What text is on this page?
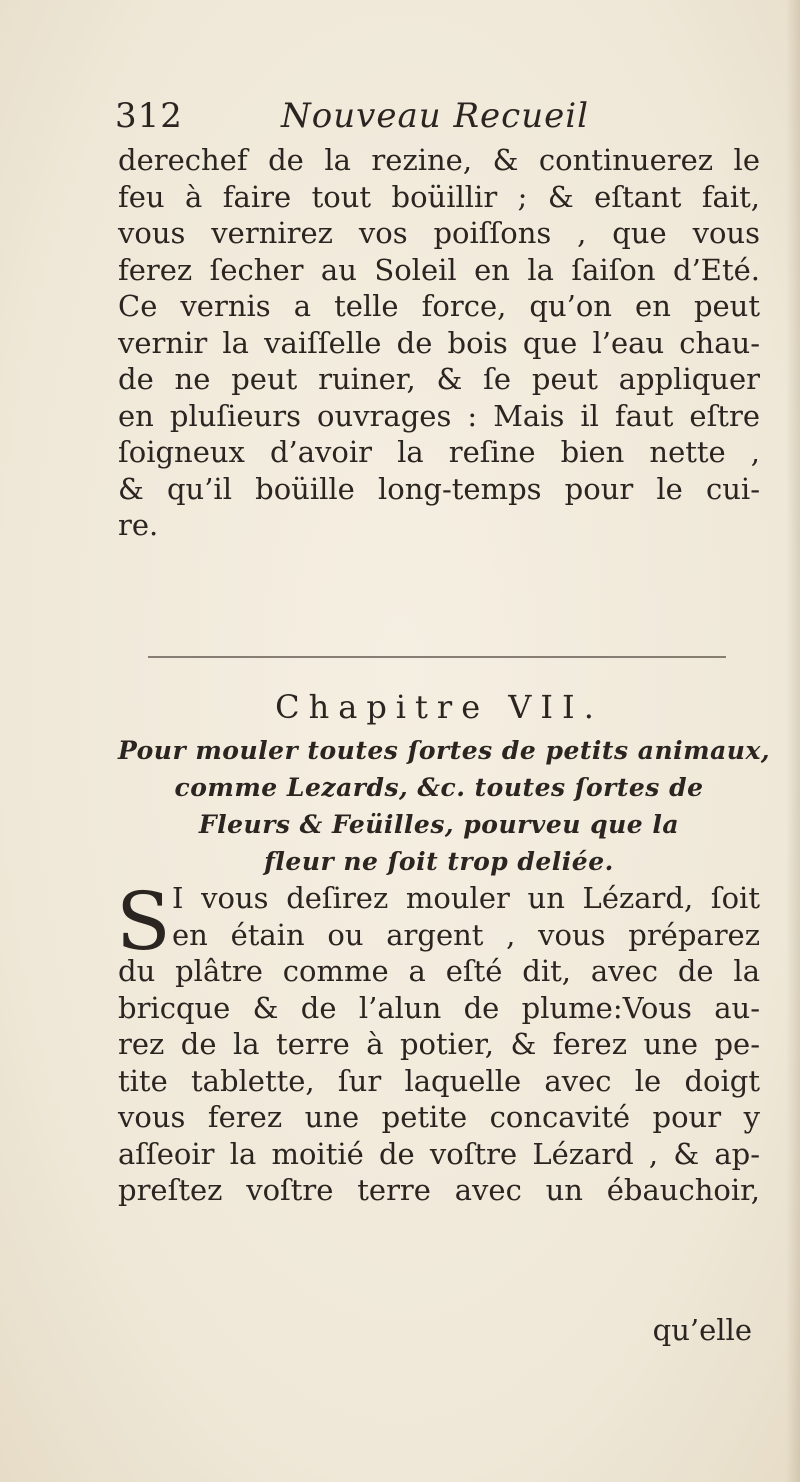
312	Nouveau Recueil
derechef de la rezine, & continuerez le
feu à faire tout boüillir ; & eſtant fait,
vous vernirez vos poiſſons , que vous
ferez ſecher au Soleil en la ſaiſon d’Eté.
Ce vernis a telle force, qu’on en peut
vernir la vaiſſelle de bois que l’eau chau-
de ne peut ruiner, & ſe peut appliquer
en pluſieurs ouvrages : Mais il faut eſtre
ſoigneux d’avoir la reſine bien nette ,
& qu’il boüille long-temps pour le cui-
re.
Chapitre VII.
Pour mouler toutes ſortes de petits animaux,
comme Lezards, &c. toutes ſortes de
Fleurs & Feüilles, pourveu que la
fleur ne ſoit trop deliée.
S I vous deſirez mouler un Lézard, ſoit
en étain ou argent , vous préparez
du plâtre comme a eſté dit, avec de la
bricque & de l’alun de plume:Vous au-
rez de la terre à potier, & ferez une pe-
tite tablette, ſur laquelle avec le doigt
vous ferez une petite concavité pour y
aſſeoir la moitié de voſtre Lézard , & ap-
preſtez voſtre terre avec un ébauchoir,
qu’elle
